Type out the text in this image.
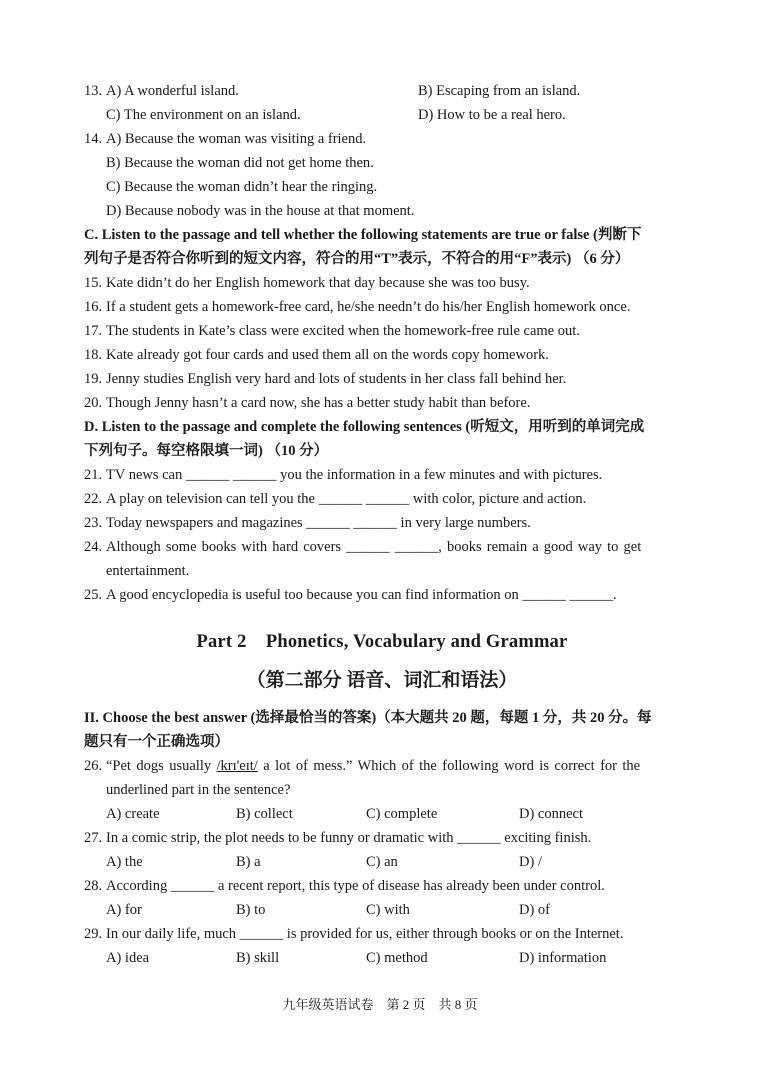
13. A) A wonderful island.	B) Escaping from an island.
C) The environment on an island.	D) How to be a real hero.
14. A) Because the woman was visiting a friend.
B) Because the woman did not get home then.
C) Because the woman didn’t hear the ringing.
D) Because nobody was in the house at that moment.
C. Listen to the passage and tell whether the following statements are true or false (判断下
列句子是否符合你听到的短文内容，符合的用“T”表示，不符合的用“F”表示) （6 分）
15. Kate didn’t do her English homework that day because she was too busy.
16. If a student gets a homework-free card, he/she needn’t do his/her English homework once.
17. The students in Kate’s class were excited when the homework-free rule came out.
18. Kate already got four cards and used them all on the words copy homework.
19. Jenny studies English very hard and lots of students in her class fall behind her.
20. Though Jenny hasn’t a card now, she has a better study habit than before.
D. Listen to the passage and complete the following sentences (听短文，用听到的单词完成
下列句子。每空格限填一词) （10 分）
21. TV news can ______ ______ you the information in a few minutes and with pictures.
22. A play on television can tell you the ______ ______ with color, picture and action.
23. Today newspapers and magazines ______ ______ in very large numbers.
24. Although some books with hard covers ______ ______, books remain a good way to get
entertainment.
25. A good encyclopedia is useful too because you can find information on ______ ______.
Part 2    Phonetics, Vocabulary and Grammar
（第二部分 语音、词汇和语法）
II. Choose the best answer (选择最恰当的答案)（本大题共 20 题，每题 1 分，共 20 分。每
题只有一个正确选项）
26. “Pet dogs usually /krɪ'eɪt/ a lot of mess.” Which of the following word is correct for the
underlined part in the sentence?
A) create	B) collect	C) complete	D) connect
27. In a comic strip, the plot needs to be funny or dramatic with ______ exciting finish.
A) the	B) a	C) an	D) /
28. According ______ a recent report, this type of disease has already been under control.
A) for	B) to	C) with	D) of
29. In our daily life, much ______ is provided for us, either through books or on the Internet.
A) idea	B) skill	C) method	D) information
九年级英语试卷    第 2 页    共 8 页
